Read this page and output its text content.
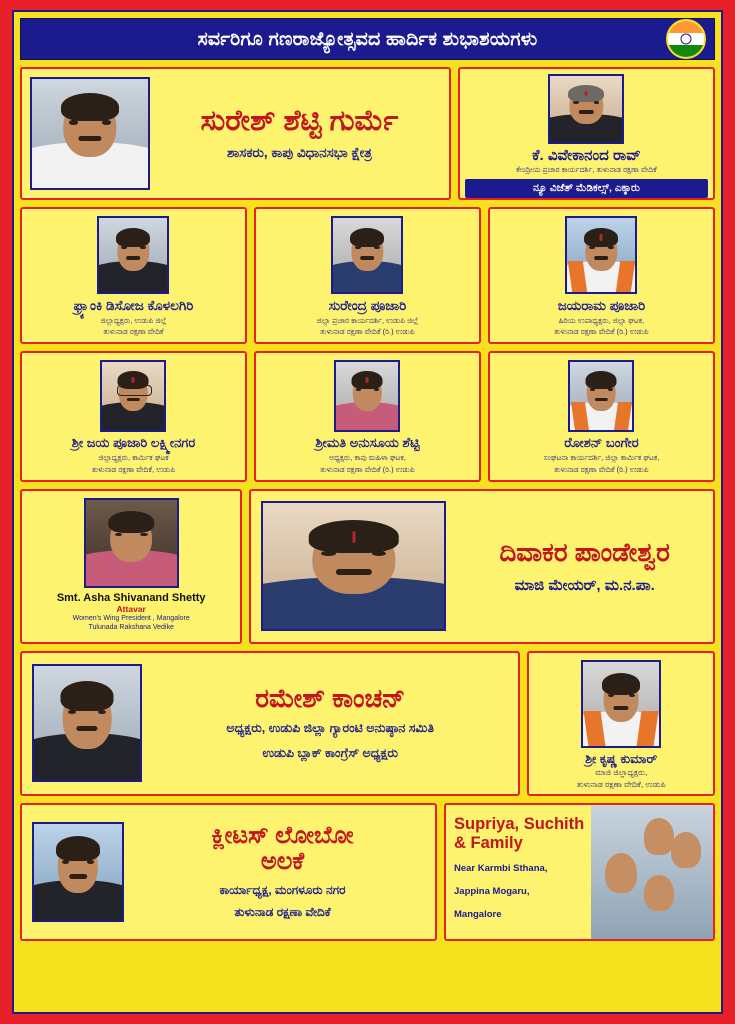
ಸರ್ವರಿಗೂ ಗಣರಾಜ್ಯೋತ್ಸವದ ಹಾರ್ದಿಕ ಶುಭಾಶಯಗಳು
ಸುರೇಶ್ ಶೆಟ್ಟಿ ಗುರ್ಮೆ
ಶಾಸಕರು, ಕಾಪು ವಿಧಾನಸಭಾ ಕ್ಷೇತ್ರ	ಕೆ. ವಿವೇಕಾನಂದ ರಾವ್
ಕೇಂದ್ರೀಯ ಪ್ರಚಾರ ಕಾರ್ಯದರ್ಶಿ, ತುಳುನಾಡ ರಕ್ಷಣಾ ವೇದಿಕೆ
ನ್ಯೂ ವಿಜೆತ್ ಮೆಡಿಕಲ್ಸ್, ಎಕ್ಕಾರು
ಫ್ರ್ಯಾಂಕಿ ಡಿಸೋಜ ಕೊಳಲಗಿರಿ
ಜಿಲ್ಲಾಧ್ಯಕ್ಷರು, ಉಡುಪಿ ಜಿಲ್ಲೆ
ತುಳುನಾಡ ರಕ್ಷಣಾ ವೇದಿಕೆ
ಸುರೇಂದ್ರ ಪೂಜಾರಿ
ಜಿಲ್ಲಾ ಪ್ರಚಾರ ಕಾರ್ಯದರ್ಶಿ, ಉಡುಪಿ ಜಿಲ್ಲೆ
ತುಳುನಾಡ ರಕ್ಷಣಾ ವೇದಿಕೆ (ರಿ.) ಉಡುಪಿ
ಜಯರಾಮ ಪೂಜಾರಿ
ಹಿರಿಯ ಉಪಾಧ್ಯಕ್ಷರು, ಜಿಲ್ಲಾ ಘಟಕ,
ತುಳುನಾಡ ರಕ್ಷಣಾ ವೇದಿಕೆ (ರಿ.) ಉಡುಪಿ
ಶ್ರೀ ಜಯ ಪೂಜಾರಿ ಲಕ್ಷ್ಮೀನಗರ
ಜಿಲ್ಲಾಧ್ಯಕ್ಷರು, ಕಾರ್ಮಿಕ ಘಟಕ
ತುಳುನಾಡ ರಕ್ಷಣಾ ವೇದಿಕೆ, ಉಡುಪಿ
ಶ್ರೀಮತಿ ಅನುಸೂಯ ಶೆಟ್ಟಿ
ಅಧ್ಯಕ್ಷರು, ಕಾಪು ಮಹಿಳಾ ಘಟಕ,
ತುಳುನಾಡ ರಕ್ಷಣಾ ವೇದಿಕೆ (ರಿ.) ಉಡುಪಿ
ರೋಶನ್ ಬಂಗೇರ
ಸಂಘಟನಾ ಕಾರ್ಯದರ್ಶಿ, ಜಿಲ್ಲಾ ಕಾರ್ಮಿಕ ಘಟಕ,
ತುಳುನಾಡ ರಕ್ಷಣಾ ವೇದಿಕೆ (ರಿ.) ಉಡುಪಿ
Smt. Asha Shivanand Shetty
Attavar
Women's Wing President , Mangalore
Tulunada Rakshana Vedike
ದಿವಾಕರ ಪಾಂಡೇಶ್ವರ
ಮಾಜಿ ಮೇಯರ್, ಮ.ನ.ಪಾ.
ರಮೇಶ್ ಕಾಂಚನ್
ಅಧ್ಯಕ್ಷರು, ಉಡುಪಿ ಜಿಲ್ಲಾ ಗ್ಯಾರಂಟಿ ಅನುಷ್ಠಾನ ಸಮಿತಿ
ಉಡುಪಿ ಬ್ಲಾಕ್ ಕಾಂಗ್ರೆಸ್ ಅಧ್ಯಕ್ಷರು	ಶ್ರೀ ಕೃಷ್ಣ ಕುಮಾರ್
ಮಾಜಿ ಜಿಲ್ಲಾಧ್ಯಕ್ಷರು,
ತುಳುನಾಡ ರಕ್ಷಣಾ ವೇದಿಕೆ, ಉಡುಪಿ
ಕ್ಲೀಟಸ್ ಲೋಬೋ
ಅಲಕೆ
ಕಾರ್ಯಾಧ್ಯಕ್ಷ, ಮಂಗಳೂರು ನಗರ
ತುಳುನಾಡ ರಕ್ಷಣಾ ವೇದಿಕೆ
Supriya, Suchith
& Family
Near Karmbi Sthana,
Jappina Mogaru,
Mangalore
